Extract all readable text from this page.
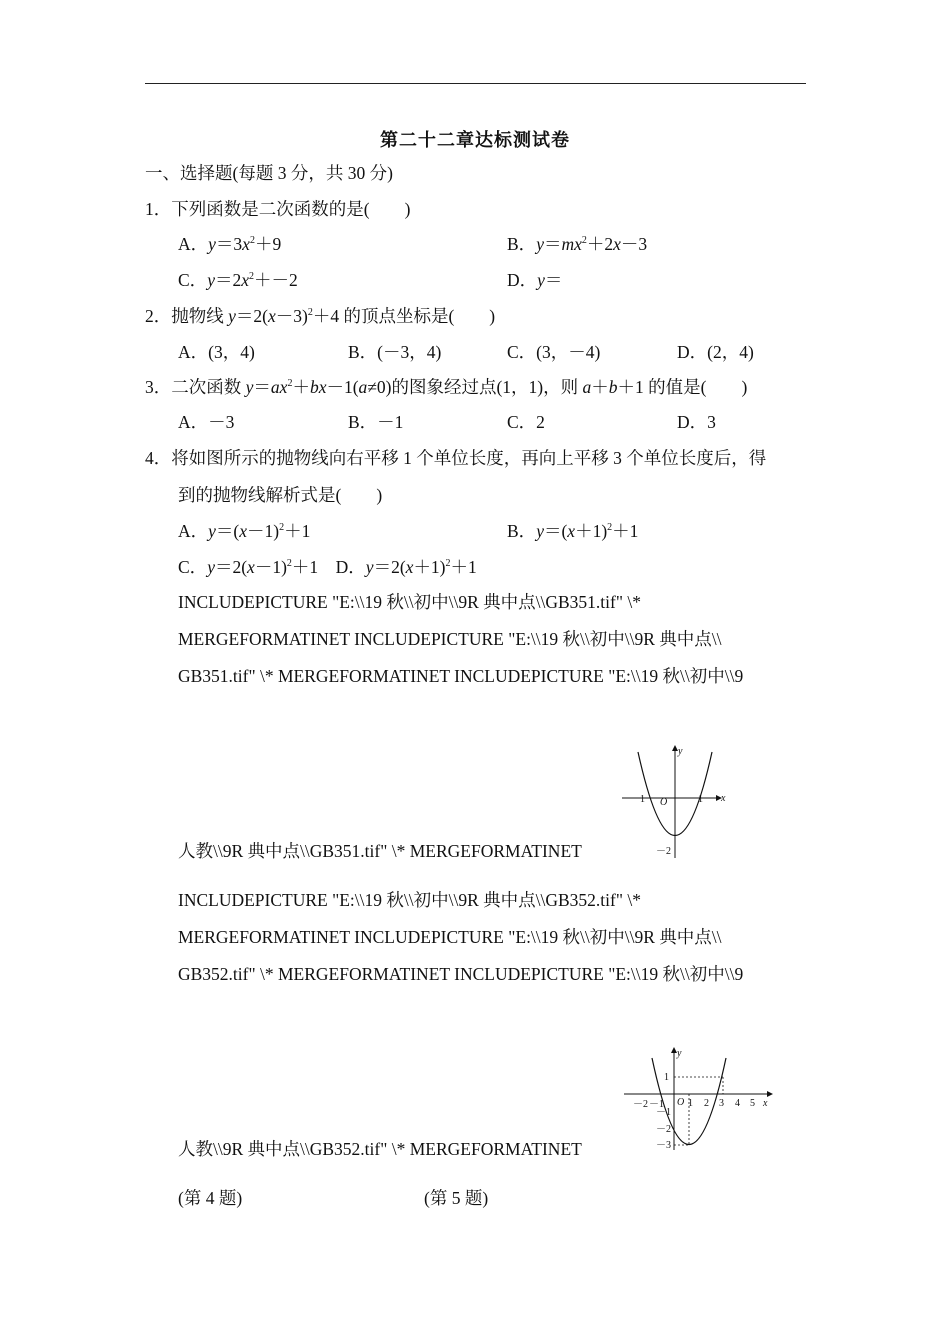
第二十二章达标测试卷
一、选择题(每题 3 分，共 30 分)
1．下列函数是二次函数的是(　　)
A．$y=3x^2+9$	B．$y=mx^2+2x-3$
C．$y=2x^2+-2$	D．y＝
2．抛物线 $y=2(x-3)^2+4$ 的顶点坐标是(　　)
A．(3，4)	B．(－3，4)	C．(3，－4)	D．(2，4)
3．二次函数 $y=ax^2+bx-1(a\ne 0)$的图象经过点(1，1)，则 a＋b＋1 的值是(　　)
A．－3	B．－1	C．2	D．3
4．将如图所示的抛物线向右平移 1 个单位长度，再向上平移 3 个单位长度后，得
到的抛物线解析式是(　　)
A．$y=(x-1)^2+1$	B．$y=(x+1)^2+1$
C．$y=2(x-1)^2+1$　D．$y=2(x+1)^2+1$
INCLUDEPICTURE "E:\\19 秋\\初中\\9R 典中点\\GB351.tif" \*
MERGEFORMATINET INCLUDEPICTURE "E:\\19 秋\\初中\\9R 典中点\\
GB351.tif" \* MERGEFORMATINET INCLUDEPICTURE "E:\\19 秋\\初中\\9
人教\\9R 典中点\\GB351.tif" \* MERGEFORMATINET
y
x
O
－1	1
－2
INCLUDEPICTURE "E:\\19 秋\\初中\\9R 典中点\\GB352.tif" \*
MERGEFORMATINET INCLUDEPICTURE "E:\\19 秋\\初中\\9R 典中点\\
GB352.tif" \* MERGEFORMATINET INCLUDEPICTURE "E:\\19 秋\\初中\\9
人教\\9R 典中点\\GB352.tif" \* MERGEFORMATINET
y
x
O
－2 －1 1 2 3 4 5
1
－1
－2
－3
(第 4 题)	(第 5 题)
